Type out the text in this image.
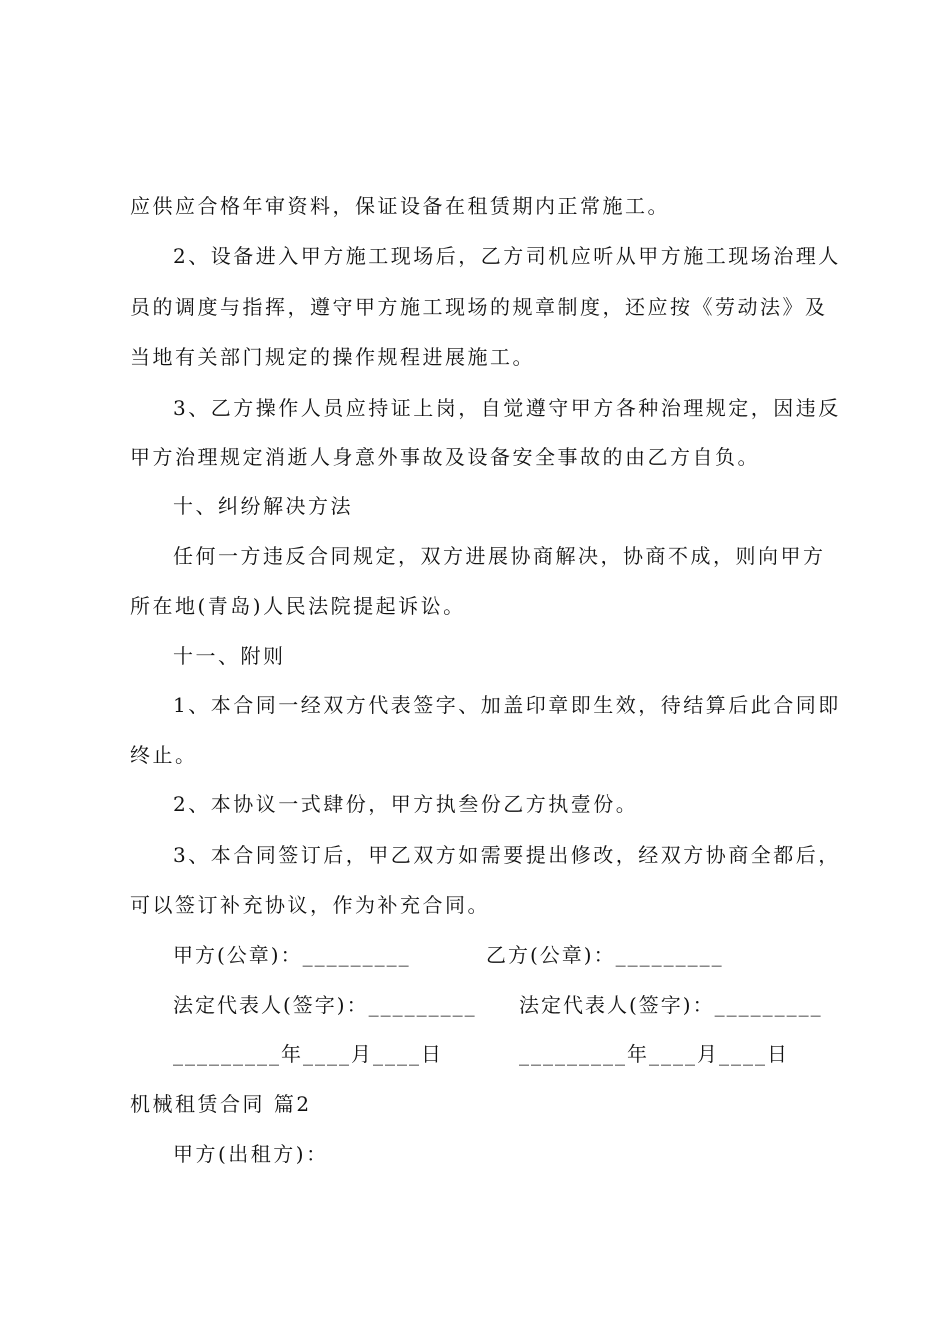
应供应合格年审资料，保证设备在租赁期内正常施工。
2、设备进入甲方施工现场后，乙方司机应听从甲方施工现场治理人
员的调度与指挥，遵守甲方施工现场的规章制度，还应按《劳动法》及
当地有关部门规定的操作规程进展施工。
3、乙方操作人员应持证上岗，自觉遵守甲方各种治理规定，因违反
甲方治理规定消逝人身意外事故及设备安全事故的由乙方自负。
十、纠纷解决方法
任何一方违反合同规定，双方进展协商解决，协商不成，则向甲方
所在地(青岛)人民法院提起诉讼。
十一、附则
1、本合同一经双方代表签字、加盖印章即生效，待结算后此合同即
终止。
2、本协议一式肆份，甲方执叁份乙方执壹份。
3、本合同签订后，甲乙双方如需要提出修改，经双方协商全都后，
可以签订补充协议，作为补充合同。
甲方(公章)：_________	乙方(公章)：_________
法定代表人(签字)：_________ 法定代表人(签字)：_________
_________年____月____日	_________年____月____日
机械租赁合同 篇2
甲方(出租方)：
